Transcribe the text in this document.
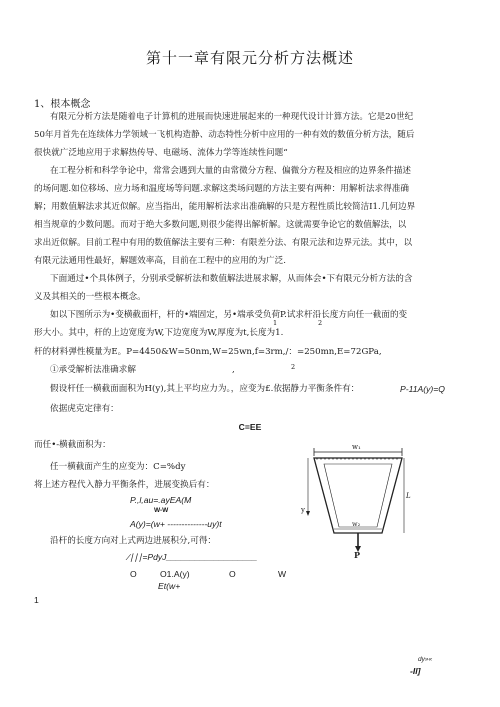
第十一章有限元分析方法概述
1、根本概念
有限元分析方法是随着电子计算机的进展而快速进展起来的一种现代设计计算方法。它是20世纪
50年月首先在连续体力学领域一飞机构造静、动态特性分析中应用的一种有效的数值分析方法，随后
很快就广泛地应用于求解热传导、电磁场、流体力学等连续性问题“
在工程分析和科学争论中，常常会遇到大量的由常微分方程、偏微分方程及相应的边界条件描述
的场问题.如位移场、应力场和温度场等问题.求解这类场问题的方法主要有两种：用解析法求得准确
解；用数值解法求其近似解。应当指出，能用解析法求出准确解的只是方程性质比较简洁I1.几何边界
相当规章的少数问题。而对于绝大多数问题,则很少能得出解析解。这就需要争论它的数值解法，以
求出近似解。目前工程中有用的数值解法主要有三种：有限差分法、有限元法和边界元法。其中，以
有限元法通用性最好，解题效率高，目前在工程中的应用的为广泛.
下面通过•个具体例子，分别承受解析法和数值解法进展求解，从而体会•下有限元分析方法的含
义及其相关的一些根本概念。
如以下图所示为•变横截面杆，杆的•端固定，另•端承受负荷P.试求杆沿长度方向任一截面的变
形大小。其中，杆的上边宽度为W,下边宽度为W,厚度为t,长度为1.
1	2
杆的材料弹性模量为E。P=4450&W=50nm,W=25wn,f=3rm,/：=250mn,E=72GPa,
①承受解析法准确求解	,	2
假设杆任一横截面面积为H(y),其上平均应力为。，应变为£.依据静力平衡条件有：	P-11A(y)=Q
依据虎克定律有：
C=EE
而任•-横截面积为：
任一横截面产生的应变为：C=%dy
将上述方程代入静力平衡条件，进展变换后有：
P.,l,au=.ayEA(M
W-W
A(y)=(w+ --------------uy)t
沿杆的长度方向对上式两边进展积分,可得：
∕∣∣∣=PdyJ___________________
O	O1.A(y)	O	W
Et(w+
1
dy»«
-Il]
w₁
L
y
w₂
P
